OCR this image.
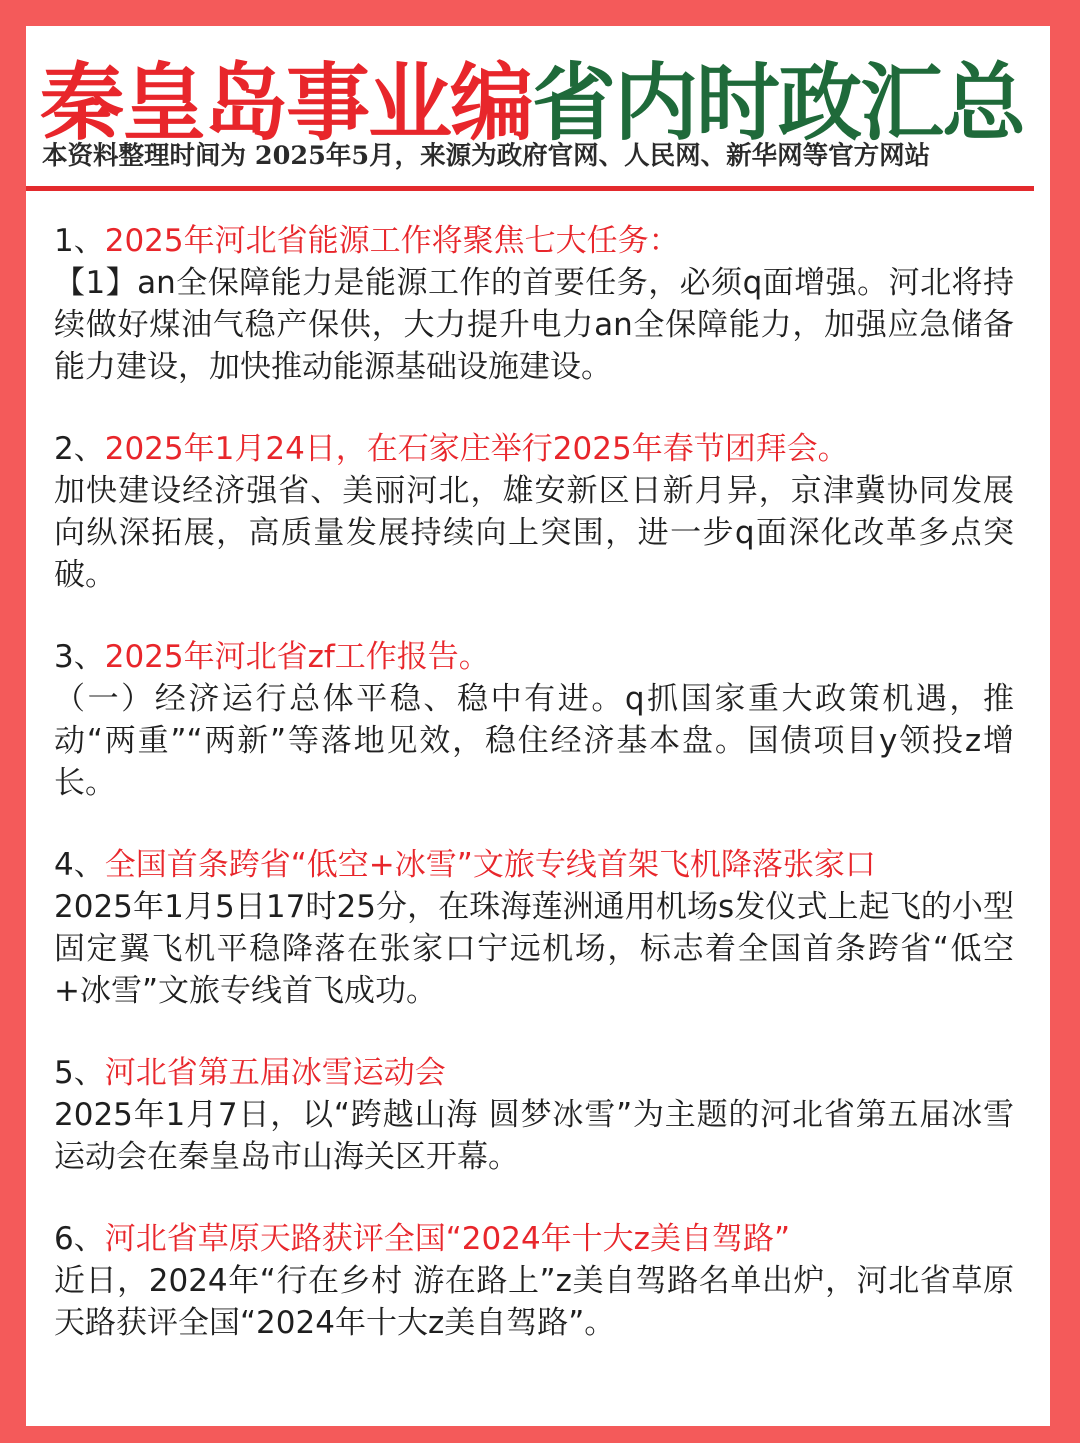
秦皇岛事业编省内时政汇总
本资料整理时间为 2025年5月，来源为政府官网、人民网、新华网等官方网站
1、2025年河北省能源工作将聚焦七大任务：
【1】an全保障能力是能源工作的首要任务，必须q面增强。河北将持续做好煤油气稳产保供，大力提升电力an全保障能力，加强应急储备能力建设，加快推动能源基础设施建设。
2、2025年1月24日，在石家庄举行2025年春节团拜会。
加快建设经济强省、美丽河北，雄安新区日新月异，京津冀协同发展向纵深拓展，高质量发展持续向上突围，进一步q面深化改革多点突破。
3、2025年河北省zf工作报告。
（一）经济运行总体平稳、稳中有进。q抓国家重大政策机遇，推动“两重”“两新”等落地见效，稳住经济基本盘。国债项目y领投z增长。
4、全国首条跨省“低空+冰雪”文旅专线首架飞机降落张家口
2025年1月5日17时25分，在珠海莲洲通用机场s发仪式上起飞的小型固定翼飞机平稳降落在张家口宁远机场，标志着全国首条跨省“低空+冰雪”文旅专线首飞成功。
5、河北省第五届冰雪运动会
2025年1月7日，以“跨越山海 圆梦冰雪”为主题的河北省第五届冰雪运动会在秦皇岛市山海关区开幕。
6、河北省草原天路获评全国“2024年十大z美自驾路”
近日，2024年“行在乡村 游在路上”z美自驾路名单出炉，河北省草原天路获评全国“2024年十大z美自驾路”。
